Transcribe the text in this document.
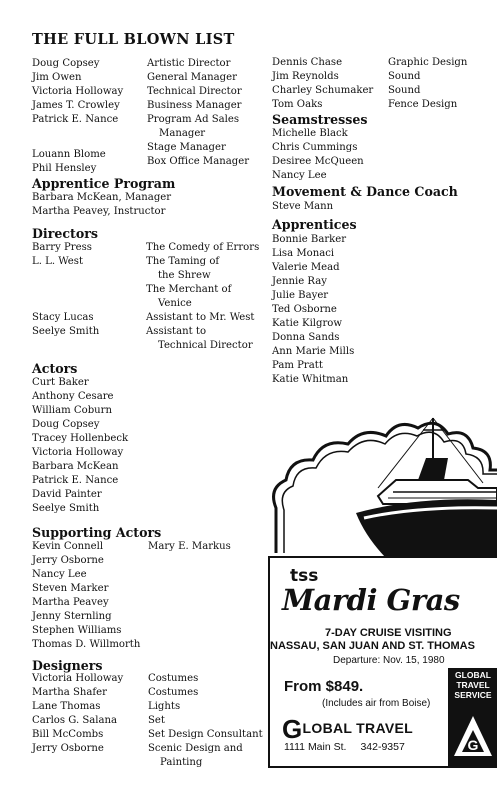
THE FULL BLOWN LIST
Doug Copsey
Jim Owen
Victoria Holloway
James T. Crowley
Patrick E. Nance
Louann Blome
Phil Hensley
Artistic Director
General Manager
Technical Director
Business Manager
Program Ad Sales
Manager
Stage Manager
Box Office Manager
Apprentice Program
Barbara McKean, Manager
Martha Peavey, Instructor
Directors
Barry Press
L. L. West
Stacy Lucas
Seelye Smith
The Comedy of Errors
The Taming of
the Shrew
The Merchant of
Venice
Assistant to Mr. West
Assistant to
Technical Director
Actors
Curt Baker
Anthony Cesare
William Coburn
Doug Copsey
Tracey Hollenbeck
Victoria Holloway
Barbara McKean
Patrick E. Nance
David Painter
Seelye Smith
Supporting Actors
Kevin Connell
Jerry Osborne
Nancy Lee
Steven Marker
Martha Peavey
Jenny Sternling
Stephen Williams
Thomas D. Willmorth
Mary E. Markus
Designers
Victoria Holloway
Martha Shafer
Lane Thomas
Carlos G. Salana
Bill McCombs
Jerry Osborne
Costumes
Costumes
Lights
Set
Set Design Consultant
Scenic Design and
Painting
Dennis Chase
Jim Reynolds
Charley Schumaker
Tom Oaks
Graphic Design
Sound
Sound
Fence Design
Seamstresses
Michelle Black
Chris Cummings
Desiree McQueen
Nancy Lee
Movement & Dance Coach
Steve Mann
Apprentices
Bonnie Barker
Lisa Monaci
Valerie Mead
Jennie Ray
Julie Bayer
Ted Osborne
Katie Kilgrow
Donna Sands
Ann Marie Mills
Pam Pratt
Katie Whitman
tss
Mardi Gras
7-DAY CRUISE VISITING
NASSAU, SAN JUAN AND ST. THOMAS
Departure: Nov. 15, 1980
From $849.
(Includes air from Boise)
GLOBAL TRAVEL
1111 Main St. 342-9357
GLOBAL TRAVEL SERVICE
G
